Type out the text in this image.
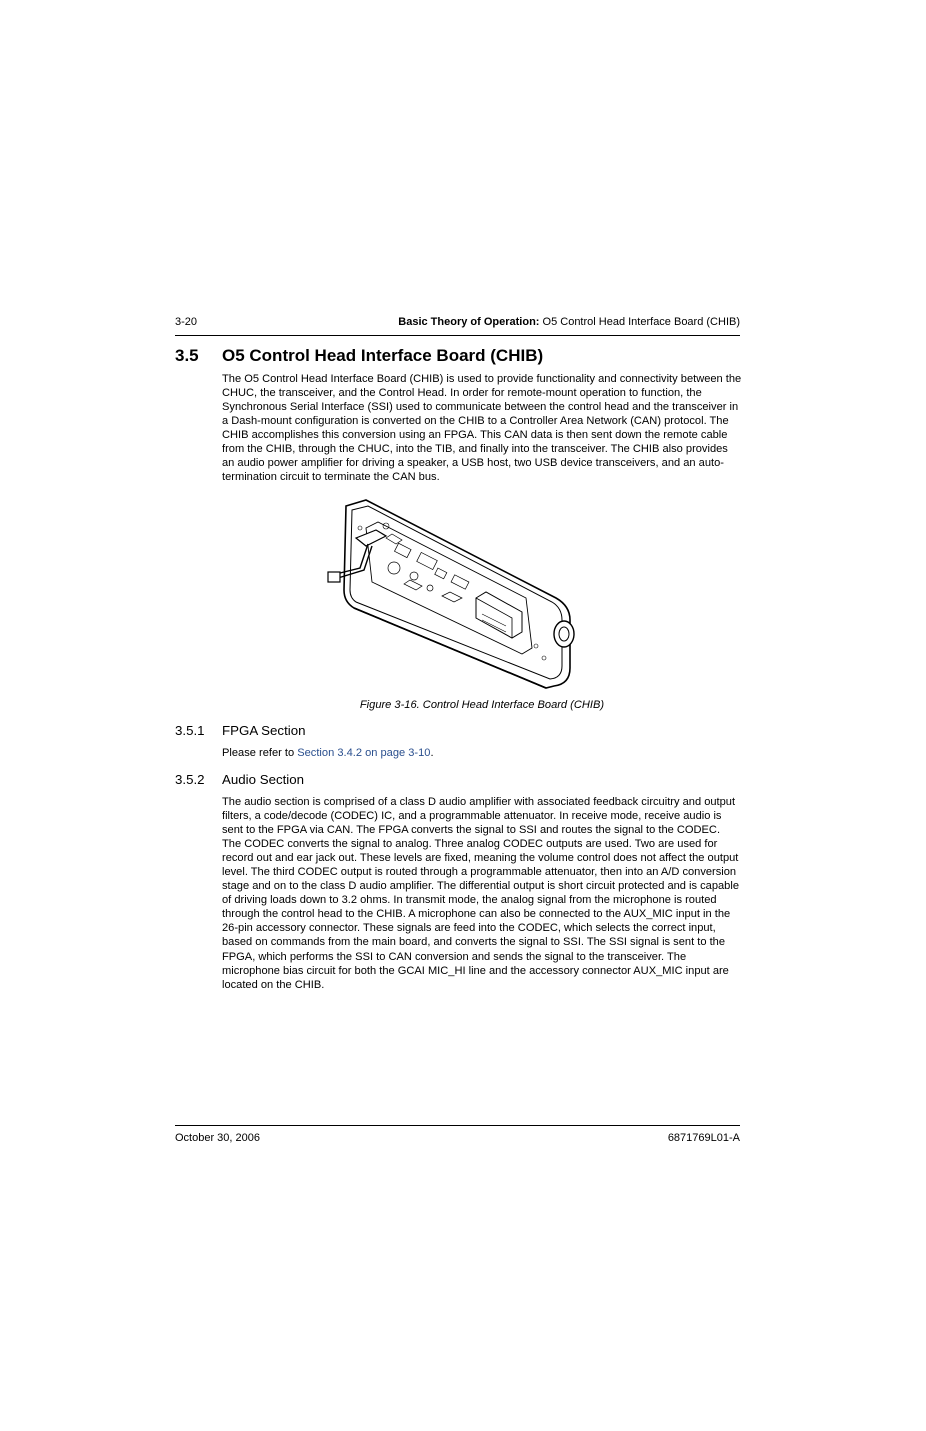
3-20	Basic Theory of Operation: O5 Control Head Interface Board (CHIB)
3.5 O5 Control Head Interface Board (CHIB)
The O5 Control Head Interface Board (CHIB) is used to provide functionality and connectivity between the CHUC, the transceiver, and the Control Head. In order for remote-mount operation to function, the Synchronous Serial Interface (SSI) used to communicate between the control head and the transceiver in a Dash-mount configuration is converted on the CHIB to a Controller Area Network (CAN) protocol. The CHIB accomplishes this conversion using an FPGA. This CAN data is then sent down the remote cable from the CHIB, through the CHUC, into the TIB, and finally into the transceiver. The CHIB also provides an audio power amplifier for driving a speaker, a USB host, two USB device transceivers, and an auto-termination circuit to terminate the CAN bus.
Figure 3-16. Control Head Interface Board (CHIB)
3.5.1 FPGA Section
Please refer to Section 3.4.2 on page 3-10.
3.5.2 Audio Section
The audio section is comprised of a class D audio amplifier with associated feedback circuitry and output filters, a code/decode (CODEC) IC, and a programmable attenuator. In receive mode, receive audio is sent to the FPGA via CAN. The FPGA converts the signal to SSI and routes the signal to the CODEC. The CODEC converts the signal to analog. Three analog CODEC outputs are used. Two are used for record out and ear jack out. These levels are fixed, meaning the volume control does not affect the output level. The third CODEC output is routed through a programmable attenuator, then into an A/D conversion stage and on to the class D audio amplifier. The differential output is short circuit protected and is capable of driving loads down to 3.2 ohms. In transmit mode, the analog signal from the microphone is routed through the control head to the CHIB. A microphone can also be connected to the AUX_MIC input in the 26-pin accessory connector. These signals are feed into the CODEC, which selects the correct input, based on commands from the main board, and converts the signal to SSI. The SSI signal is sent to the FPGA, which performs the SSI to CAN conversion and sends the signal to the transceiver. The microphone bias circuit for both the GCAI MIC_HI line and the accessory connector AUX_MIC input are located on the CHIB.
October 30, 2006	6871769L01-A
